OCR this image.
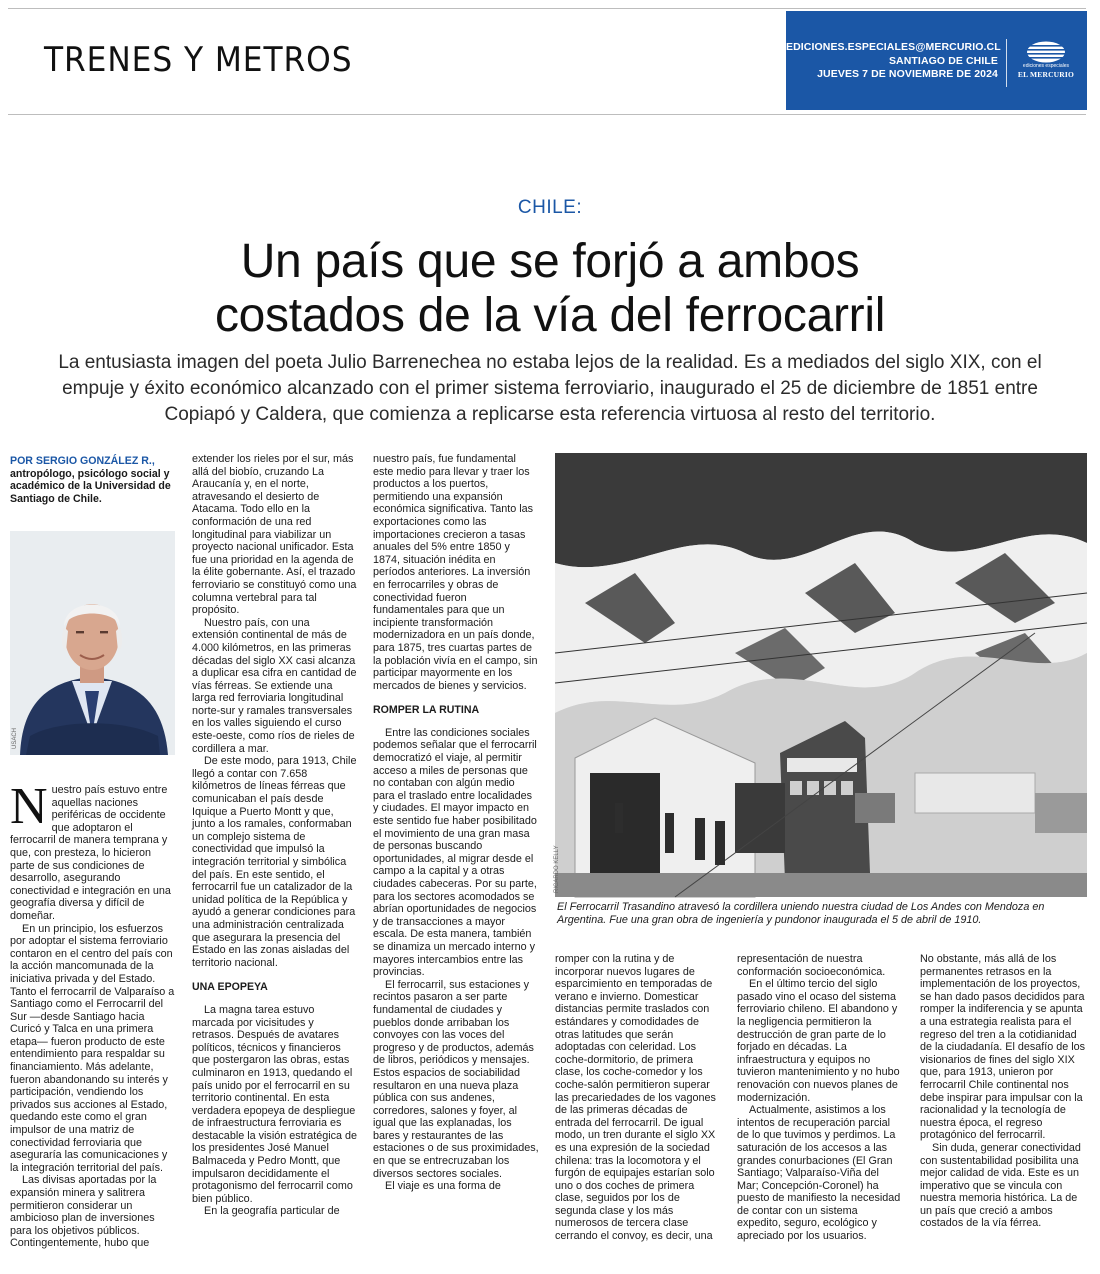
TRENES Y METROS	EDICIONES.ESPECIALES@MERCURIO.CL
SANTIAGO DE CHILE
JUEVES 7 DE NOVIEMBRE DE 2024
ediciones especiales
EL MERCURIO
CHILE:
Un país que se forjó a ambos
costados de la vía del ferrocarril
La entusiasta imagen del poeta Julio Barrenechea no estaba lejos de la realidad. Es a mediados del siglo XIX, con el empuje y éxito económico alcanzado con el primer sistema ferroviario, inaugurado el 25 de diciembre de 1851 entre Copiapó y Caldera, que comienza a replicarse esta referencia virtuosa al resto del territorio.
POR SERGIO GONZÁLEZ R., antropólogo, psicólogo social y académico de la Universidad de Santiago de Chile.
USACH

Nuestro país estuvo entre aquellas naciones periféricas de occidente que adoptaron el ferrocarril de manera temprana y que, con presteza, lo hicieron parte de sus condiciones de desarrollo, asegurando conectividad e integración en una geografía diversa y difícil de domeñar.

En un principio, los esfuerzos por adoptar el sistema ferroviario contaron en el centro del país con la acción mancomunada de la iniciativa privada y del Estado. Tanto el ferrocarril de Valparaíso a Santiago como el Ferrocarril del Sur —desde Santiago hacia Curicó y Talca en una primera etapa— fueron producto de este entendimiento para respaldar su financiamiento. Más adelante, fueron abandonando su interés y participación, vendiendo los privados sus acciones al Estado, quedando este como el gran impulsor de una matriz de conectividad ferroviaria que aseguraría las comunicaciones y la integración territorial del país.

Las divisas aportadas por la expansión minera y salitrera permitieron considerar un ambicioso plan de inversiones para los objetivos públicos. Contingentemente, hubo que

extender los rieles por el sur, más allá del biobío, cruzando La Araucanía y, en el norte, atravesando el desierto de Atacama. Todo ello en la conformación de una red longitudinal para viabilizar un proyecto nacional unificador. Esta fue una prioridad en la agenda de la élite gobernante. Así, el trazado ferroviario se constituyó como una columna vertebral para tal propósito.

Nuestro país, con una extensión continental de más de 4.000 kilómetros, en las primeras décadas del siglo XX casi alcanza a duplicar esa cifra en cantidad de vías férreas. Se extiende una larga red ferroviaria longitudinal norte-sur y ramales transversales en los valles siguiendo el curso este-oeste, como ríos de rieles de cordillera a mar.

De este modo, para 1913, Chile llegó a contar con 7.658 kilómetros de líneas férreas que comunicaban el país desde Iquique a Puerto Montt y que, junto a los ramales, conformaban un complejo sistema de conectividad que impulsó la integración territorial y simbólica del país. En este sentido, el ferrocarril fue un catalizador de la unidad política de la República y ayudó a generar condiciones para una administración centralizada que asegurara la presencia del Estado en las zonas aisladas del territorio nacional.

UNA EPOPEYA

La magna tarea estuvo marcada por vicisitudes y retrasos. Después de avatares políticos, técnicos y financieros que postergaron las obras, estas culminaron en 1913, quedando el país unido por el ferrocarril en su territorio continental. En esta verdadera epopeya de despliegue de infraestructura ferroviaria es destacable la visión estratégica de los presidentes José Manuel Balmaceda y Pedro Montt, que impulsaron decididamente el protagonismo del ferrocarril como bien público.

En la geografía particular de

nuestro país, fue fundamental este medio para llevar y traer los productos a los puertos, permitiendo una expansión económica significativa. Tanto las exportaciones como las importaciones crecieron a tasas anuales del 5% entre 1850 y 1874, situación inédita en períodos anteriores. La inversión en ferrocarriles y obras de conectividad fueron fundamentales para que un incipiente transformación modernizadora en un país donde, para 1875, tres cuartas partes de la población vivía en el campo, sin participar mayormente en los mercados de bienes y servicios.

ROMPER LA RUTINA

Entre las condiciones sociales podemos señalar que el ferrocarril democratizó el viaje, al permitir acceso a miles de personas que no contaban con algún medio para el traslado entre localidades y ciudades. El mayor impacto en este sentido fue haber posibilitado el movimiento de una gran masa de personas buscando oportunidades, al migrar desde el campo a la capital y a otras ciudades cabeceras. Por su parte, para los sectores acomodados se abrían oportunidades de negocios y de transacciones a mayor escala. De esta manera, también se dinamiza un mercado interno y mayores intercambios entre las provincias.

El ferrocarril, sus estaciones y recintos pasaron a ser parte fundamental de ciudades y pueblos donde arribaban los convoyes con las voces del progreso y de productos, además de libros, periódicos y mensajes. Estos espacios de sociabilidad resultaron en una nueva plaza pública con sus andenes, corredores, salones y foyer, al igual que las explanadas, los bares y restaurantes de las estaciones o de sus proximidades, en que se entrecruzaban los diversos sectores sociales.

El viaje es una forma de

RICARDO KELLY
El Ferrocarril Trasandino atravesó la cordillera uniendo nuestra ciudad de Los Andes con Mendoza en Argentina. Fue una gran obra de ingeniería y pundonor inaugurada el 5 de abril de 1910.

romper con la rutina y de incorporar nuevos lugares de esparcimiento en temporadas de verano e invierno. Domesticar distancias permite traslados con estándares y comodidades de otras latitudes que serán adoptadas con celeridad. Los coche-dormitorio, de primera clase, los coche-comedor y los coche-salón permitieron superar las precariedades de los vagones de las primeras décadas de entrada del ferrocarril. De igual modo, un tren durante el siglo XX es una expresión de la sociedad chilena: tras la locomotora y el furgón de equipajes estarían solo uno o dos coches de primera clase, seguidos por los de segunda clase y los más numerosos de tercera clase cerrando el convoy, es decir, una

representación de nuestra conformación socioeconómica.

En el último tercio del siglo pasado vino el ocaso del sistema ferroviario chileno. El abandono y la negligencia permitieron la destrucción de gran parte de lo forjado en décadas. La infraestructura y equipos no tuvieron mantenimiento y no hubo renovación con nuevos planes de modernización.

Actualmente, asistimos a los intentos de recuperación parcial de lo que tuvimos y perdimos. La saturación de los accesos a las grandes conurbaciones (El Gran Santiago; Valparaíso-Viña del Mar; Concepción-Coronel) ha puesto de manifiesto la necesidad de contar con un sistema expedito, seguro, ecológico y apreciado por los usuarios.

No obstante, más allá de los permanentes retrasos en la implementación de los proyectos, se han dado pasos decididos para romper la indiferencia y se apunta a una estrategia realista para el regreso del tren a la cotidianidad de la ciudadanía. El desafío de los visionarios de fines del siglo XIX que, para 1913, unieron por ferrocarril Chile continental nos debe inspirar para impulsar con la racionalidad y la tecnología de nuestra época, el regreso protagónico del ferrocarril.

Sin duda, generar conectividad con sustentabilidad posibilita una mejor calidad de vida. Este es un imperativo que se vincula con nuestra memoria histórica. La de un país que creció a ambos costados de la vía férrea.
